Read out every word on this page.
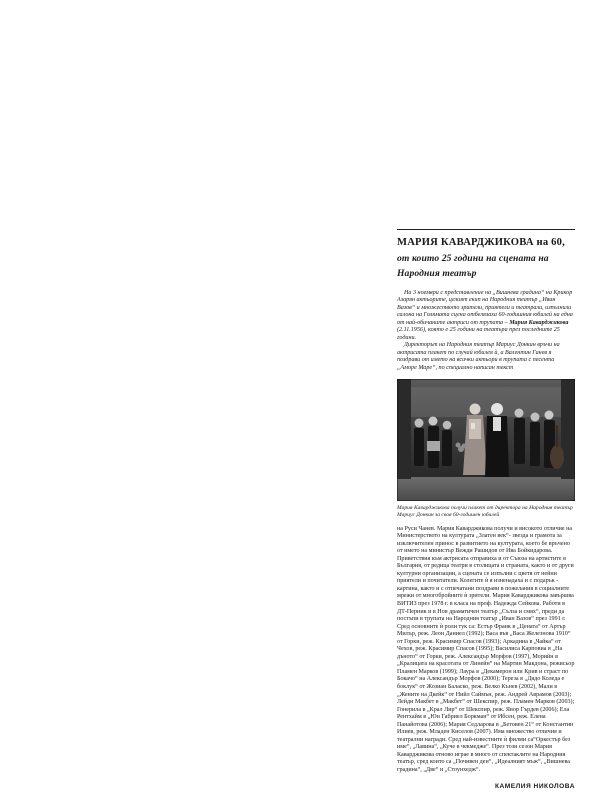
МАРИЯ КАВАРДЖИКОВА на 60,
от които 25 години на сцената на
Народния театър

На 3 ноември с представление на „Вишнева градина“ на Крикор Азарян актьорите, целият екип на Народния театър „Иван Вазов“ и множеството зрители, приятели и театрали, изпълнили салона на Голямата сцена отбелязаха 60-годишния юбилей на една от най-обичаните актриси от трупата – Мария Каварджикова (2.11.1956), която е 25 години на театъра през последните 25 години.

Директорът на Народния театър Мариус Донкин връчи на актрисата плакет по случай юбилея ѝ, а Валентин Ганев я поздрави от името на всички актьори в трупата с песента „Аморе Маре“, по специално написан текст

Мария Каварджикова получи плакет от директора на Народния театър Мариус Донкин за своя 60-годишен юбилей

на Руси Чанев. Мария Каварджикова получи и високото отличие на Министерството на културата „Златен век“- звезда и грамота за изключителен принос в развитието на културата, което бе връчено от името на министър Вежди Рашидов от Ива Бойкидарова. Приветствия към актрисата отправиха и от Съюза на артистите в България, от редица театри в столицата и страната, както и от други културни организации, а сцената се изпълни с цветя от нейни приятели и почитатели. Колегите ѝ я изненадаха и с подарък - картина, както и с отпечатани поздрави в пожелания в социалните мрежи от многобройните ѝ зрители. Мария Каварджикова завършва ВИТИЗ през 1978 г. в класа на проф. Надежда Сейкова. Работи в ДТ-Перник и в Нов драматичен театър „Сълза и смях“, преди да постъпи в трупата на Народния театър „Иван Вазов“ през 1991 г. Сред основните ѝ роли тук са: Естър Франк в „Цената“ от Артър Милър, реж. Леон Даниел (1992); Васа във „Васа Железнова 1910“ от Горки, реж. Красимир Спасов (1993); Аркадина в „Чайка“ от Чехов, реж. Красимир Спасов (1995); Василиса Карповна в „На дъното“ от Горки, реж. Александър Морфов (1997), Морийн в „Кралицата на красотата от Линейн“ на Мартин Макдона, режисьор Пламен Марков (1999); Лаура в „Декамерон или Крив и страст по Бокачо“ на Александър Морфов (2000); Тереза в „Дядо Коледа е боклук“ от Жозиан Баласко, реж. Велко Кънев (2002), Мали в „Жените на Дкейк“ от Нийл Саймън, реж. Андрей Аврамов (2003); Лейди Макбет в „Макбет“ от Шекспир, реж. Пламен Марков (2003); Гонерила в „Крал Лир“ от Шекспир, реж. Явор Гърдев (2006); Ела Рентхайм в „Юн Габриел Боркман“ от Ибсен, реж. Елена Панайотова (2006); Мария Седларова в „Бетовен 21“ от Константин Илиев, реж. Младен Киселов (2007). Има множество отличия и театрални награди. Сред най-известните ѝ филми са“Оркестър без име“, „Лавина“, „Куче в чекмедже“. През този сезон Мария Каварджикова отново играе в много от спектаклите на Народния театър, сред които са „Почивен ден“, „Идеалният мъж“, „Вишнева градина“, „Две“ и „Стоунхедж“.

КАМЕЛИЯ НИКОЛОВА
